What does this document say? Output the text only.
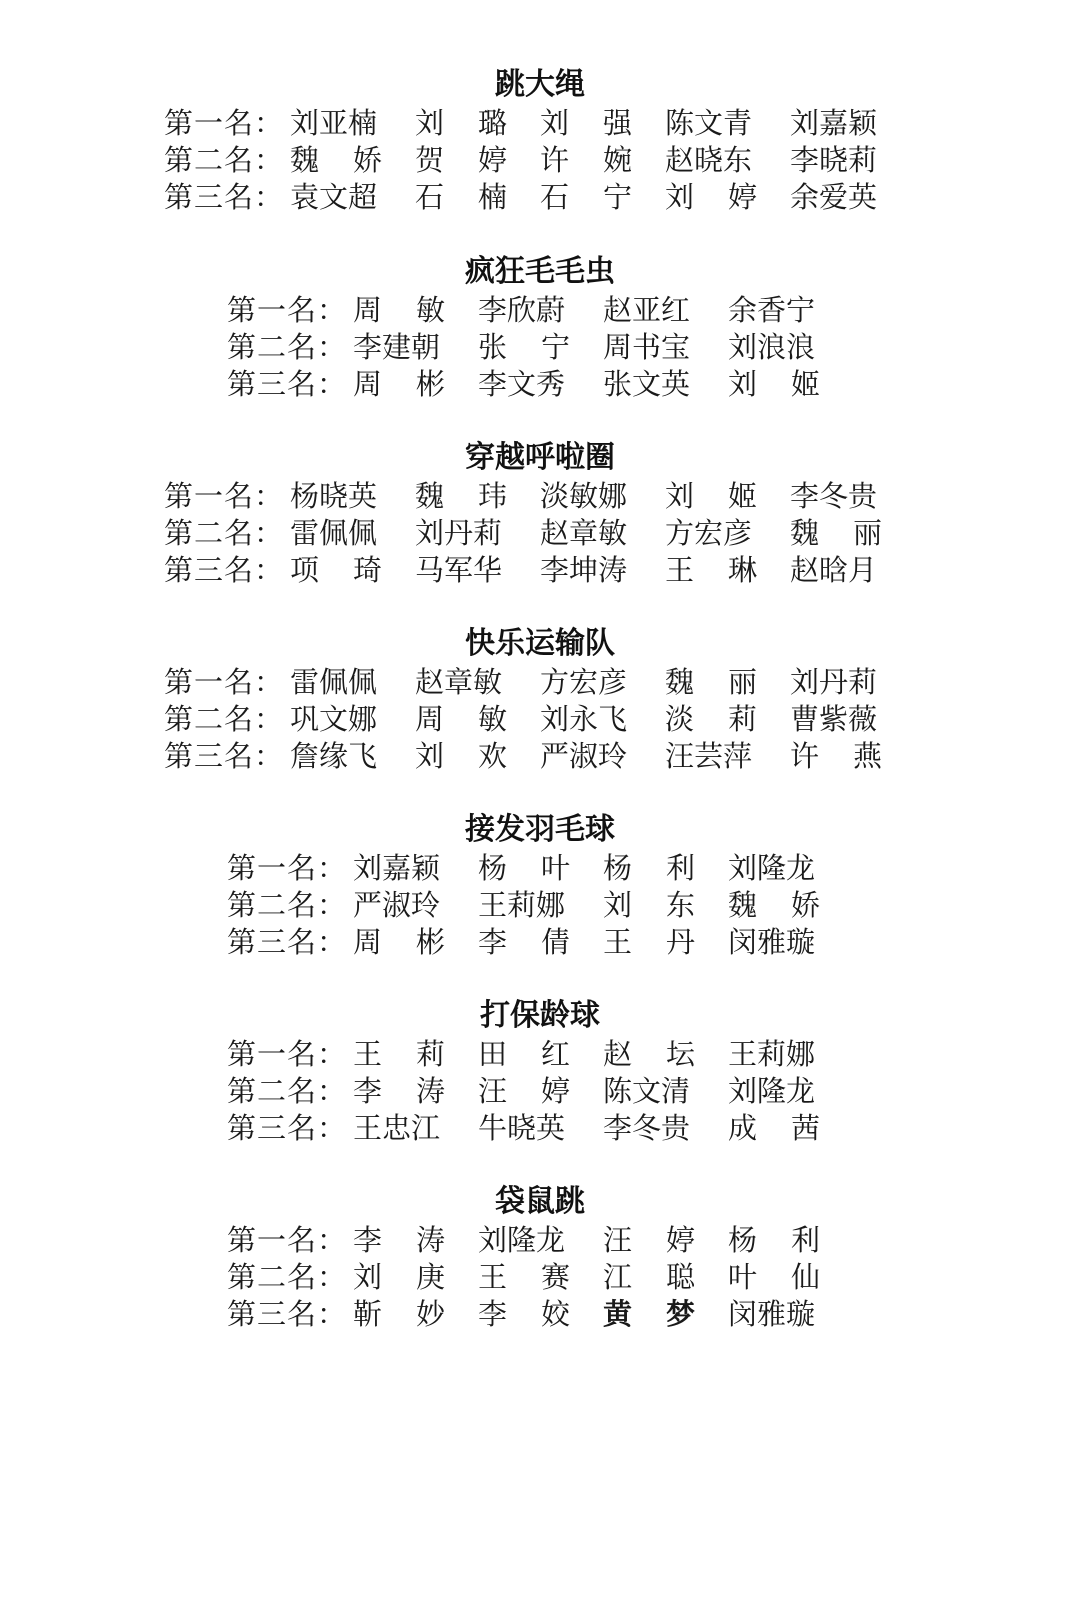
跳大绳
第一名： 刘亚楠 刘 璐 刘 强 陈文青 刘嘉颖
第二名： 魏 娇 贺 婷 许 婉 赵晓东 李晓莉
第三名： 袁文超 石 楠 石 宁 刘 婷 余爱英
疯狂毛毛虫
第一名： 周 敏 李欣蔚 赵亚红 余香宁
第二名： 李建朝 张 宁 周书宝 刘浪浪
第三名： 周 彬 李文秀 张文英 刘 姬
穿越呼啦圈
第一名： 杨晓英 魏 玮 淡敏娜 刘 姬 李冬贵
第二名： 雷佩佩 刘丹莉 赵章敏 方宏彦 魏 丽
第三名： 项 琦 马军华 李坤涛 王 琳 赵晗月
快乐运输队
第一名： 雷佩佩 赵章敏 方宏彦 魏 丽 刘丹莉
第二名： 巩文娜 周 敏 刘永飞 淡 莉 曹紫薇
第三名： 詹缘飞 刘 欢 严淑玲 汪芸萍 许 燕
接发羽毛球
第一名： 刘嘉颖 杨 叶 杨 利 刘隆龙
第二名： 严淑玲 王莉娜 刘 东 魏 娇
第三名： 周 彬 李 倩 王 丹 闵雅璇
打保龄球
第一名： 王 莉 田 红 赵 坛 王莉娜
第二名： 李 涛 汪 婷 陈文清 刘隆龙
第三名： 王忠江 牛晓英 李冬贵 成 茜
袋鼠跳
第一名： 李 涛 刘隆龙 汪 婷 杨 利
第二名： 刘 庚 王 赛 江 聪 叶 仙
第三名： 靳 妙 李 姣 黄 梦 闵雅璇
